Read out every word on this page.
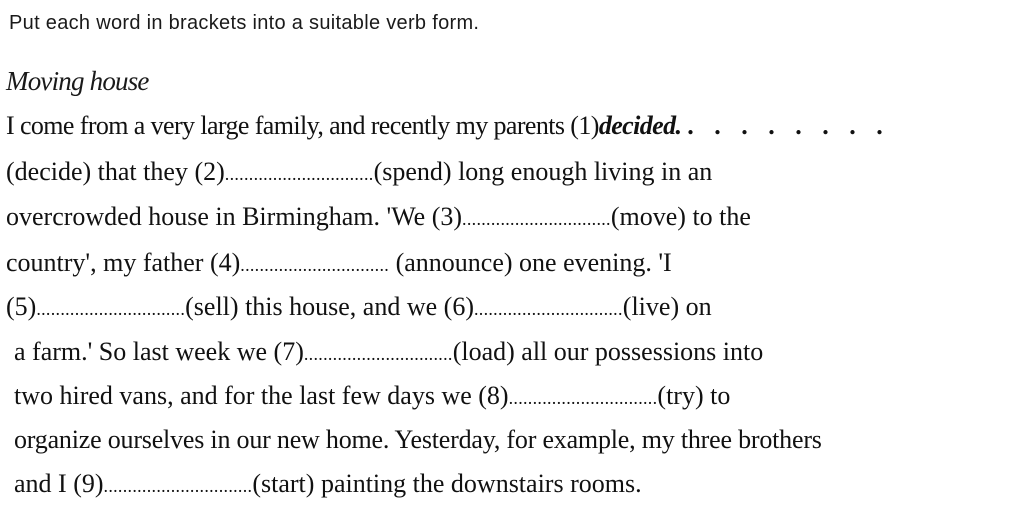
Put each word in brackets into a suitable verb form.
Moving house
I come from a very large family, and recently my parents (1)decided. . . . . . . . .
(decide) that they (2)...............................(spend) long enough living in an
overcrowded house in Birmingham. 'We (3)...............................(move) to the
country', my father (4)............................... (announce) one evening. 'I
(5)...............................(sell) this house, and we (6)...............................(live) on
a farm.' So last week we (7)...............................(load) all our possessions into
two hired vans, and for the last few days we (8)...............................(try) to
organize ourselves in our new home. Yesterday, for example, my three brothers
and I (9)...............................(start) painting the downstairs rooms.
